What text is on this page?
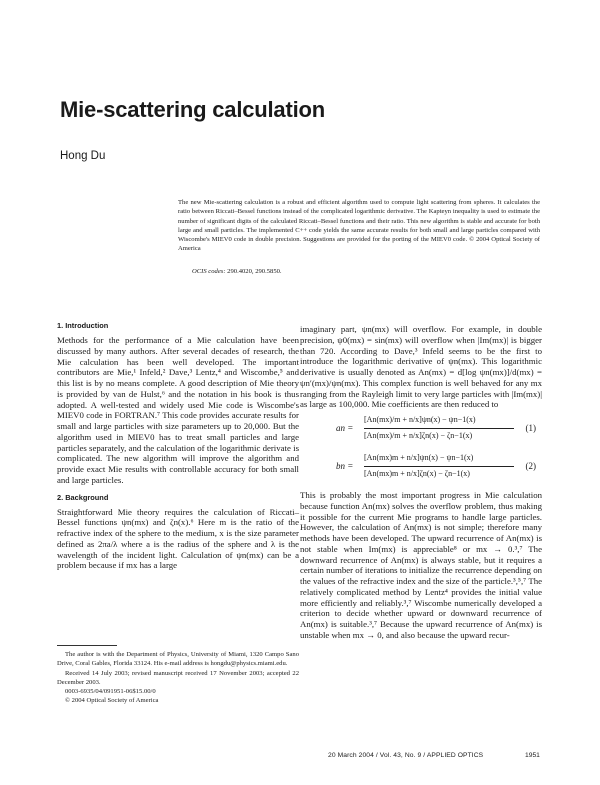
Mie-scattering calculation

Hong Du

The new Mie-scattering calculation is a robust and efficient algorithm used to compute light scattering from spheres. It calculates the ratio between Riccati–Bessel functions instead of the complicated logarithmic derivative. The Kapteyn inequality is used to estimate the number of significant digits of the calculated Riccati–Bessel functions and their ratio. This new algorithm is stable and accurate for both large and small particles. The implemented C++ code yields the same accurate results for both small and large particles compared with Wiscombe's MIEV0 code in double precision. Suggestions are provided for the porting of the MIEV0 code. © 2004 Optical Society of America

OCIS codes: 290.4020, 290.5850.

1. Introduction

Methods for the performance of a Mie calculation have been discussed by many authors. After several decades of research, the Mie calculation has been well developed. The important contributors are Mie,¹ Infeld,² Dave,³ Lentz,⁴ and Wiscombe,⁵ and this list is by no means complete. A good description of Mie theory is provided by van de Hulst,⁶ and the notation in his book is thus adopted. A well-tested and widely used Mie code is Wiscombe's MIEV0 code in FORTRAN.⁷ This code provides accurate results for small and large particles with size parameters up to 20,000. But the algorithm used in MIEV0 has to treat small particles and large particles separately, and the calculation of the logarithmic derivate is complicated. The new algorithm will improve the algorithm and provide exact Mie results with controllable accuracy for both small and large particles.

2. Background

Straightforward Mie theory requires the calculation of Riccati–Bessel functions ψn(mx) and ζn(x).⁶ Here m is the ratio of the refractive index of the sphere to the medium, x is the size parameter defined as 2πa/λ where a is the radius of the sphere and λ is the wavelength of the incident light. Calculation of ψn(mx) can be a problem because if mx has a large

imaginary part, ψn(mx) will overflow. For example, in double precision, ψ0(mx) = sin(mx) will overflow when |Im(mx)| is bigger than 720. According to Dave,³ Infeld seems to be the first to introduce the logarithmic derivative of ψn(mx). This logarithmic derivative is usually denoted as An(mx) = d[log ψn(mx)]/d(mx) = ψn′(mx)/ψn(mx). This complex function is well behaved for any mx ranging from the Rayleigh limit to very large particles with |Im(mx)| as large as 100,000. Mie coefficients are then reduced to

an =
[An(mx)/m + n/x]ψn(x) − ψn−1(x)
[An(mx)/m + n/x]ζn(x) − ζn−1(x)
(1)
bn =
[An(mx)m + n/x]ψn(x) − ψn−1(x)
[An(mx)m + n/x]ζn(x) − ζn−1(x)
(2)

This is probably the most important progress in Mie calculation because function An(mx) solves the overflow problem, thus making it possible for the current Mie programs to handle large particles. However, the calculation of An(mx) is not simple; therefore many methods have been developed. The upward recurrence of An(mx) is not stable when Im(mx) is appreciable⁸ or mx → 0.³,⁷ The downward recurrence of An(mx) is always stable, but it requires a certain number of iterations to initialize the recurrence depending on the values of the refractive index and the size of the particle.³,⁵,⁷ The relatively complicated method by Lentz⁴ provides the initial value more efficiently and reliably.³,⁷ Wiscombe numerically developed a criterion to decide whether upward or downward recurrence of An(mx) is suitable.³,⁷ Because the upward recurrence of An(mx) is unstable when mx → 0, and also because the upward recur-

The author is with the Department of Physics, University of Miami, 1320 Campo Sano Drive, Coral Gables, Florida 33124. His e-mail address is hongdu@physics.miami.edu.

Received 14 July 2003; revised manuscript received 17 November 2003; accepted 22 December 2003.

0003-6935/04/091951-06$15.00/0

© 2004 Optical Society of America

20 March 2004 / Vol. 43, No. 9 / APPLIED OPTICS	1951
